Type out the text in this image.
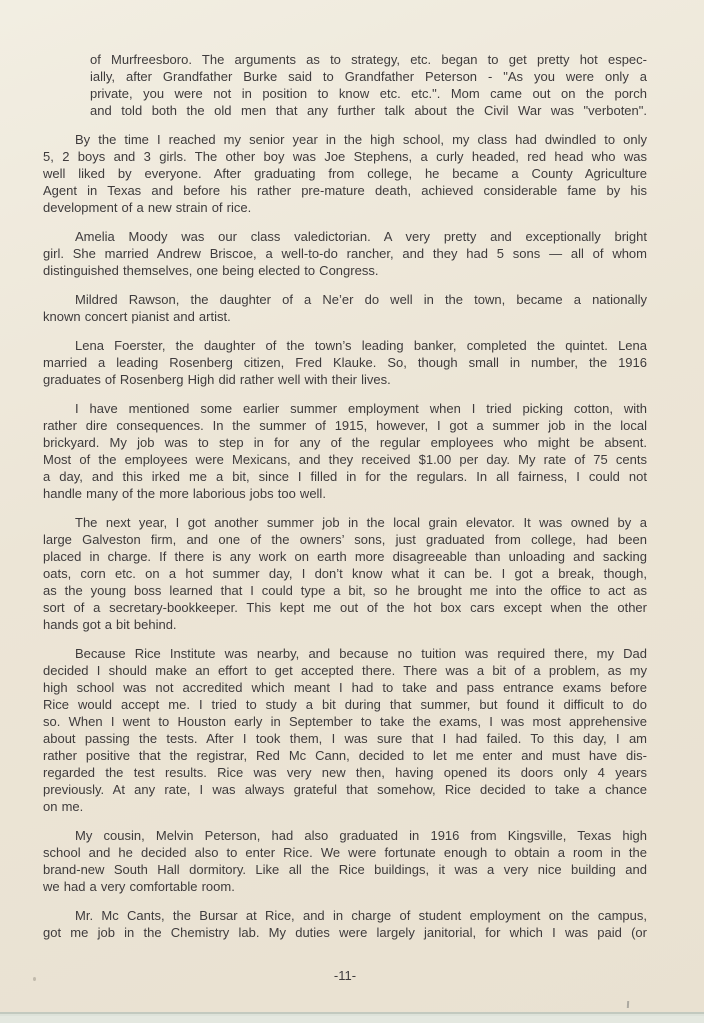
of Murfreesboro. The arguments as to strategy, etc. began to get pretty hot espec-
ially, after Grandfather Burke said to Grandfather Peterson - "As you were only a
private, you were not in position to know etc. etc.". Mom came out on the porch
and told both the old men that any further talk about the Civil War was "verboten".
By the time I reached my senior year in the high school, my class had dwindled to only
5, 2 boys and 3 girls. The other boy was Joe Stephens, a curly headed, red head who was
well liked by everyone. After graduating from college, he became a County Agriculture
Agent in Texas and before his rather pre-mature death, achieved considerable fame by his
development of a new strain of rice.
Amelia Moody was our class valedictorian. A very pretty and exceptionally bright
girl. She married Andrew Briscoe, a well-to-do rancher, and they had 5 sons — all of whom
distinguished themselves, one being elected to Congress.
Mildred Rawson, the daughter of a Ne’er do well in the town, became a nationally
known concert pianist and artist.
Lena Foerster, the daughter of the town’s leading banker, completed the quintet. Lena
married a leading Rosenberg citizen, Fred Klauke. So, though small in number, the 1916
graduates of Rosenberg High did rather well with their lives.
I have mentioned some earlier summer employment when I tried picking cotton, with
rather dire consequences. In the summer of 1915, however, I got a summer job in the local
brickyard. My job was to step in for any of the regular employees who might be absent.
Most of the employees were Mexicans, and they received $1.00 per day. My rate of 75 cents
a day, and this irked me a bit, since I filled in for the regulars. In all fairness, I could not
handle many of the more laborious jobs too well.
The next year, I got another summer job in the local grain elevator. It was owned by a
large Galveston firm, and one of the owners’ sons, just graduated from college, had been
placed in charge. If there is any work on earth more disagreeable than unloading and sacking
oats, corn etc. on a hot summer day, I don’t know what it can be. I got a break, though,
as the young boss learned that I could type a bit, so he brought me into the office to act as
sort of a secretary-bookkeeper. This kept me out of the hot box cars except when the other
hands got a bit behind.
Because Rice Institute was nearby, and because no tuition was required there, my Dad
decided I should make an effort to get accepted there. There was a bit of a problem, as my
high school was not accredited which meant I had to take and pass entrance exams before
Rice would accept me. I tried to study a bit during that summer, but found it difficult to do
so. When I went to Houston early in September to take the exams, I was most apprehensive
about passing the tests. After I took them, I was sure that I had failed. To this day, I am
rather positive that the registrar, Red Mc Cann, decided to let me enter and must have dis-
regarded the test results. Rice was very new then, having opened its doors only 4 years
previously. At any rate, I was always grateful that somehow, Rice decided to take a chance
on me.
My cousin, Melvin Peterson, had also graduated in 1916 from Kingsville, Texas high
school and he decided also to enter Rice. We were fortunate enough to obtain a room in the
brand-new South Hall dormitory. Like all the Rice buildings, it was a very nice building and
we had a very comfortable room.
Mr. Mc Cants, the Bursar at Rice, and in charge of student employment on the campus,
got me job in the Chemistry lab. My duties were largely janitorial, for which I was paid (or
-11-
